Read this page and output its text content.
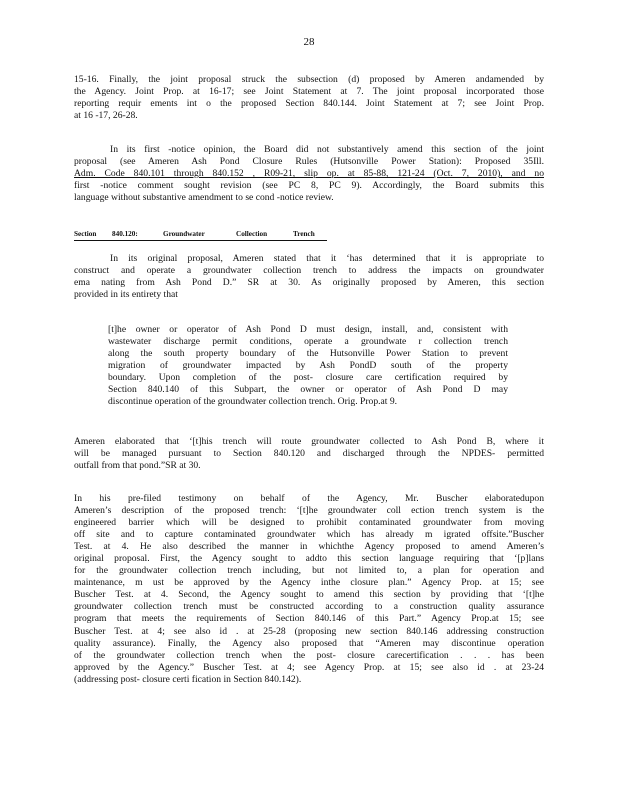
28
15-16. Finally, the joint proposal struck the subsection (d) proposed by Ameren andamended by
the Agency. Joint Prop. at 16-17; see Joint Statement at 7. The joint proposal incorporated those
reporting requir ements int o the proposed Section 840.144. Joint Statement at 7; see Joint Prop.
at 16 -17, 26-28.
In its first -notice opinion, the Board did not substantively amend this section of the joint
proposal (see Ameren Ash Pond Closure Rules (Hutsonville Power Station): Proposed 35Ill.
Adm. Code 840.101 through 840.152 , R09-21, slip op. at 85-88, 121-24 (Oct. 7, 2010), and no
first -notice comment sought revision (see PC 8, PC 9). Accordingly, the Board submits this
language without substantive amendment to se cond -notice review.
Section 840.120:	Groundwater	Collection	Trench
In its original proposal, Ameren stated that it ‘has determined that it is appropriate to
construct and operate a groundwater collection trench to address the impacts on groundwater
ema nating from Ash Pond D.” SR at 30. As originally proposed by Ameren, this section
provided in its entirety that
[t]he owner or operator of Ash Pond D must design, install, and, consistent with
wastewater discharge permit conditions, operate a groundwate r collection trench
along the south property boundary of the Hutsonville Power Station to prevent
migration of groundwater impacted by Ash PondD south of the property
boundary. Upon completion of the post- closure care certification required by
Section 840.140 of this Subpart, the owner or operator of Ash Pond D may
discontinue operation of the groundwater collection trench. Orig. Prop.at 9.
Ameren elaborated that ‘[t]his trench will route groundwater collected to Ash Pond B, where it
will be managed pursuant to Section 840.120 and discharged through the NPDES- permitted
outfall from that pond.”SR at 30.
In his pre-filed testimony on behalf of the Agency, Mr. Buscher elaboratedupon
Ameren’s description of the proposed trench: ‘[t]he groundwater coll ection trench system is the
engineered barrier which will be designed to prohibit contaminated groundwater from moving
off site and to capture contaminated groundwater which has already m igrated offsite.”Buscher
Test. at 4. He also described the manner in whichthe Agency proposed to amend Ameren’s
original proposal. First, the Agency sought to addto this section language requiring that ‘[p]lans
for the groundwater collection trench including, but not limited to, a plan for operation and
maintenance, m ust be approved by the Agency inthe closure plan.” Agency Prop. at 15; see
Buscher Test. at 4. Second, the Agency sought to amend this section by providing that ‘[t]he
groundwater collection trench must be constructed according to a construction quality assurance
program that meets the requirements of Section 840.146 of this Part.” Agency Prop.at 15; see
Buscher Test. at 4; see also id . at 25-28 (proposing new section 840.146 addressing construction
quality assurance). Finally, the Agency also proposed that “Ameren may discontinue operation
of the groundwater collection trench when the post- closure carecertification . . . has been
approved by the Agency.” Buscher Test. at 4; see Agency Prop. at 15; see also id . at 23-24
(addressing post- closure certi fication in Section 840.142).
